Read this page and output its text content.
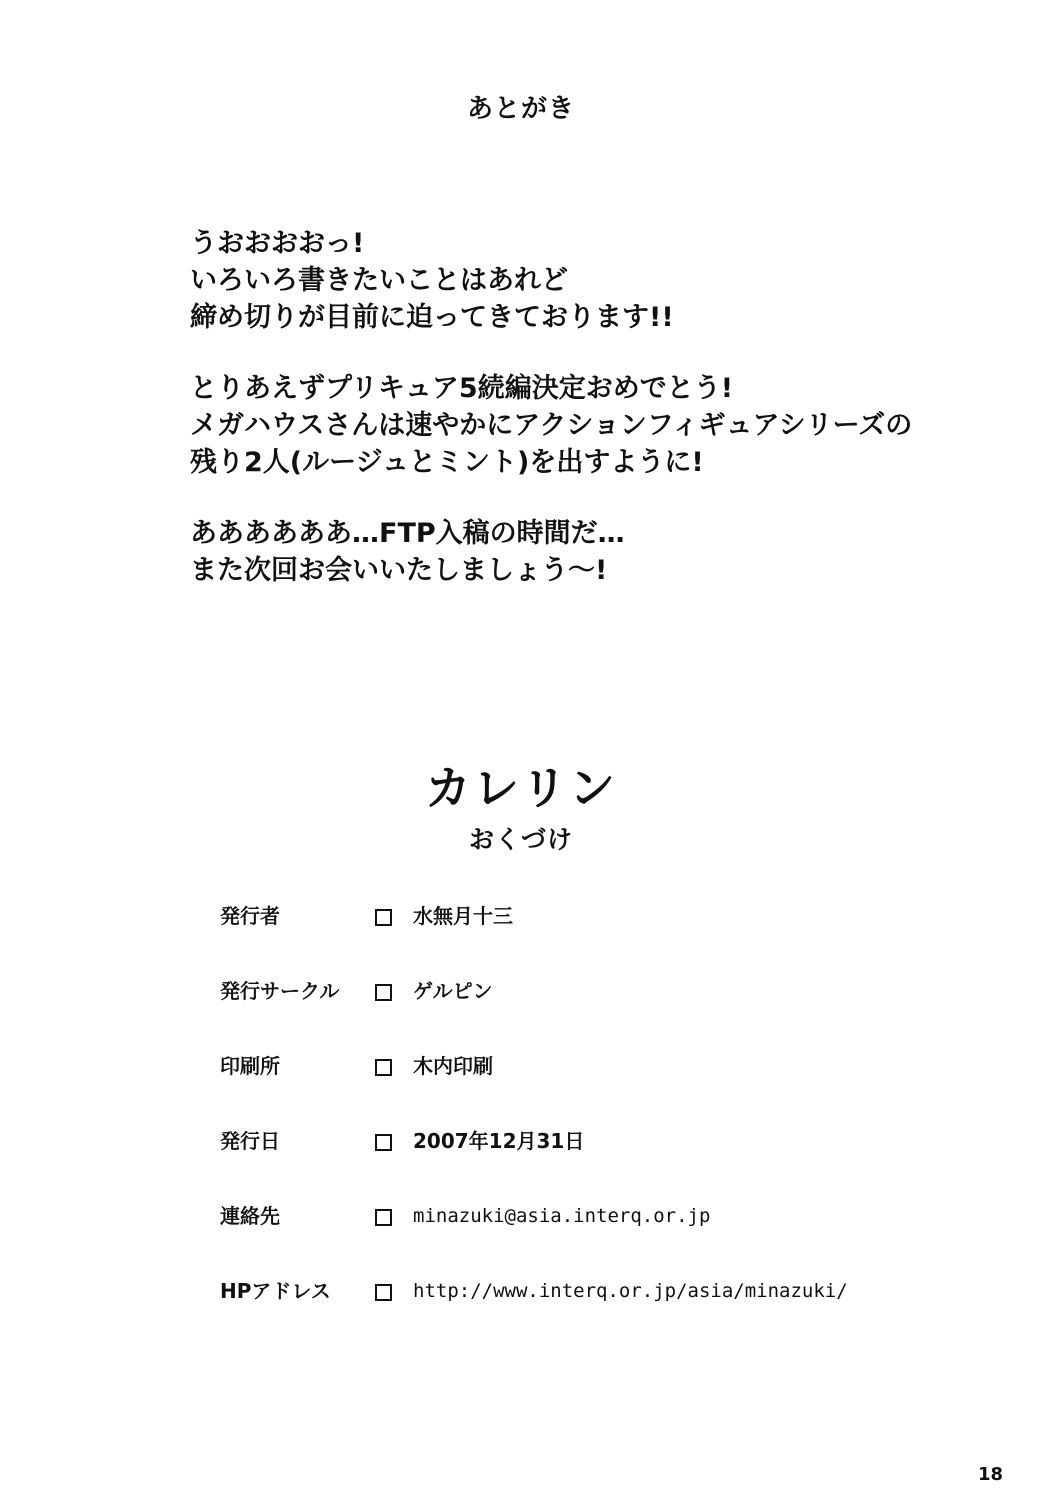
あとがき
うおおおおっ!
いろいろ書きたいことはあれど
締め切りが目前に迫ってきております!!
とりあえずプリキュア5続編決定おめでとう!
メガハウスさんは速やかにアクションフィギュアシリーズの
残り2人(ルージュとミント)を出すように!
ああああああ…FTP入稿の時間だ…
また次回お会いいたしましょう〜!
カレリン
おくづけ
発行者	水無月十三
発行サークル	ゲルピン
印刷所	木内印刷
発行日	2007年12月31日
連絡先	minazuki@asia.interq.or.jp
HPアドレス	http://www.interq.or.jp/asia/minazuki/
18
